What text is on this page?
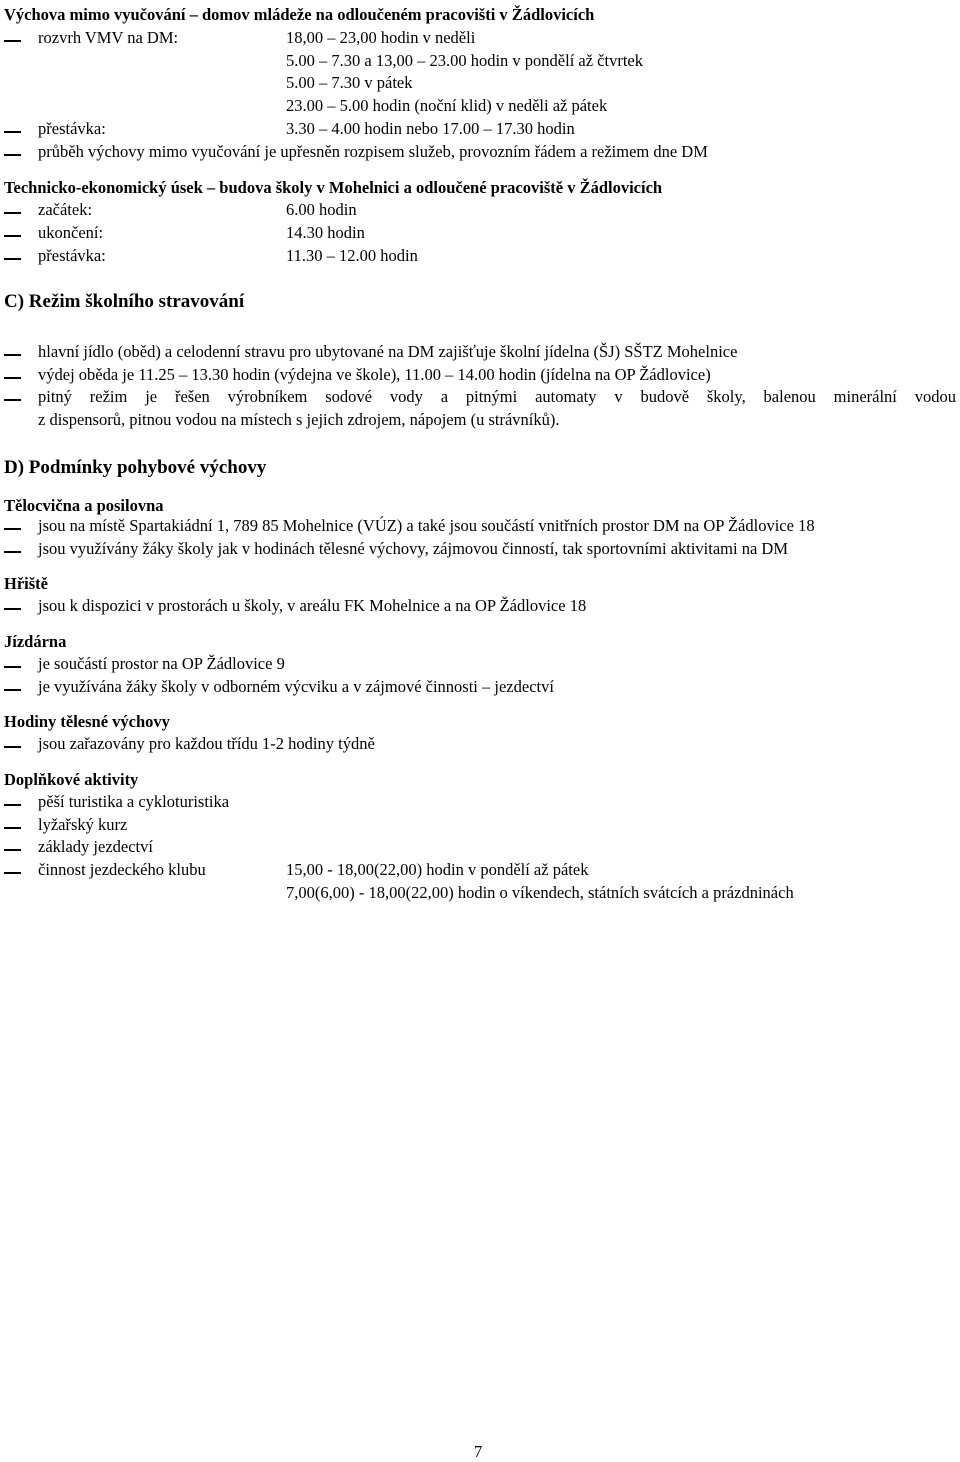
Výchova mimo vyučování – domov mládeže na odloučeném pracovišti v Žádlovicích
rozvrh VMV na DM:	18,00 – 23,00 hodin v neděli
5.00 – 7.30 a 13,00 – 23.00 hodin v pondělí až čtvrtek
5.00 – 7.30 v pátek
23.00 – 5.00 hodin (noční klid) v neděli až pátek
přestávka:	3.30 – 4.00 hodin nebo 17.00 – 17.30 hodin
průběh výchovy mimo vyučování je upřesněn rozpisem služeb, provozním řádem a režimem dne DM
Technicko-ekonomický úsek – budova školy v Mohelnici a odloučené pracoviště v Žádlovicích
začátek:	6.00 hodin
ukončení:	14.30 hodin
přestávka:	11.30 – 12.00 hodin
C) Režim školního stravování
hlavní jídlo (oběd) a celodenní stravu pro ubytované na DM zajišťuje školní jídelna (ŠJ) SŠTZ Mohelnice
výdej oběda je 11.25 – 13.30 hodin (výdejna ve škole), 11.00 – 14.00 hodin (jídelna na OP Žádlovice)
pitný režim je řešen výrobníkem sodové vody a pitnými automaty v budově školy, balenou minerální vodou
z dispensorů, pitnou vodou na místech s jejich zdrojem, nápojem (u strávníků).
D) Podmínky pohybové výchovy
Tělocvična a posilovna
jsou na místě Spartakiádní 1, 789 85 Mohelnice (VÚZ) a také jsou součástí vnitřních prostor DM na OP Žádlovice 18
jsou využívány žáky školy jak v hodinách tělesné výchovy, zájmovou činností, tak sportovními aktivitami na DM
Hřiště
jsou k dispozici v prostorách u školy, v areálu FK Mohelnice a na OP Žádlovice 18
Jízdárna
je součástí prostor na OP Žádlovice 9
je využívána žáky školy v odborném výcviku a v zájmové činnosti – jezdectví
Hodiny tělesné výchovy
jsou zařazovány pro každou třídu 1-2 hodiny týdně
Doplňkové aktivity
pěší turistika a cykloturistika
lyžařský kurz
základy jezdectví
činnost jezdeckého klubu	15,00 - 18,00(22,00) hodin v pondělí až pátek
7,00(6,00) - 18,00(22,00) hodin o víkendech, státních svátcích a prázdninách
7
